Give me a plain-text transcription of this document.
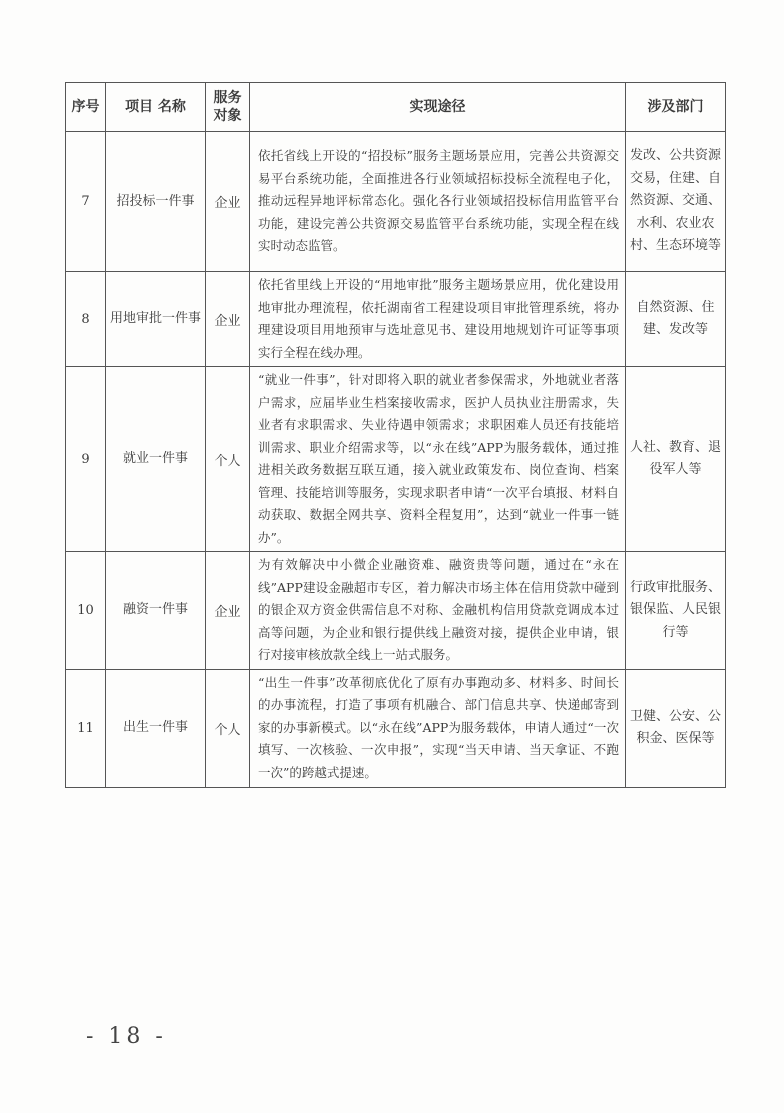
序号	项目 名称	服务对象	实现途径	涉及部门
7	招投标一件事	企业	依托省线上开设的“招投标”服务主题场景应用，完善公共资源交易平台系统功能，全面推进各行业领域招标投标全流程电子化，推动远程异地评标常态化。强化各行业领域招投标信用监管平台功能，建设完善公共资源交易监管平台系统功能，实现全程在线实时动态监管。	发改、公共资源交易，住建、自然资源、交通、水利、农业农村、生态环境等
8	用地审批一件事	企业	依托省里线上开设的“用地审批”服务主题场景应用，优化建设用地审批办理流程，依托湖南省工程建设项目审批管理系统，将办理建设项目用地预审与选址意见书、建设用地规划许可证等事项实行全程在线办理。	自然资源、住建、发改等
9	就业一件事	个人	“就业一件事”，针对即将入职的就业者参保需求，外地就业者落户需求，应届毕业生档案接收需求，医护人员执业注册需求，失业者有求职需求、失业待遇申领需求；求职困难人员还有技能培训需求、职业介绍需求等，以“永在线”APP为服务载体，通过推进相关政务数据互联互通，接入就业政策发布、岗位查询、档案管理、技能培训等服务，实现求职者申请“一次平台填报、材料自动获取、数据全网共享、资料全程复用”，达到“就业一件事一链办”。	人社、教育、退役军人等
10	融资一件事	企业	为有效解决中小微企业融资难、融资贵等问题，通过在“永在线”APP建设金融超市专区，着力解决市场主体在信用贷款中碰到的银企双方资金供需信息不对称、金融机构信用贷款竞调成本过高等问题，为企业和银行提供线上融资对接，提供企业申请，银行对接审核放款全线上一站式服务。	行政审批服务、银保监、人民银行等
11	出生一件事	个人	“出生一件事”改革彻底优化了原有办事跑动多、材料多、时间长的办事流程，打造了事项有机融合、部门信息共享、快递邮寄到家的办事新模式。以“永在线”APP为服务载体，申请人通过“一次填写、一次核验、一次申报”，实现“当天申请、当天拿证、不跑一次”的跨越式提速。	卫健、公安、公积金、医保等
- 18 -
